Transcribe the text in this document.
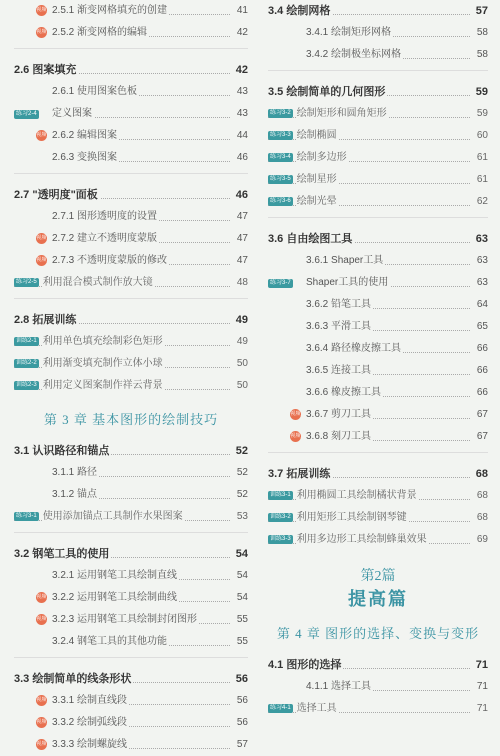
视频 2.5.1 渐变网格填充的创建	41
视频 2.5.2 渐变网格的编辑	42
2.6 图案填充	42
2.6.1 使用图案色板	43
练习2-4 定义图案	43
视频 2.6.2 编辑图案	44
2.6.3 变换图案	46
2.7 "透明度"面板	46
2.7.1 图形透明度的设置	47
视频 2.7.2 建立不透明度蒙版	47
视频 2.7.3 不透明度蒙版的修改	47
练习2-5 利用混合模式制作放大镜	48
2.8 拓展训练	49
训练2-1 利用单色填充绘制彩色矩形	49
训练2-2 利用渐变填充制作立体小球	50
训练2-3 利用定义图案制作祥云背景	50
第 3 章 基本图形的绘制技巧
3.1 认识路径和锚点	52
3.1.1 路径	52
3.1.2 锚点	52
练习3-1 使用添加锚点工具制作水果图案	53
3.2 钢笔工具的使用	54
3.2.1 运用钢笔工具绘制直线	54
视频 3.2.2 运用钢笔工具绘制曲线	54
视频 3.2.3 运用钢笔工具绘制封闭图形	55
3.2.4 钢笔工具的其他功能	55
3.3 绘制简单的线条形状	56
视频 3.3.1 绘制直线段	56
视频 3.3.2 绘制弧线段	56
视频 3.3.3 绘制螺旋线	57
3.4 绘制网格	57
3.4.1 绘制矩形网格	58
3.4.2 绘制极坐标网格	58
3.5 绘制简单的几何图形	59
练习3-2 绘制矩形和圆角矩形	59
练习3-3 绘制椭圆	60
练习3-4 绘制多边形	61
练习3-5 绘制星形	61
练习3-6 绘制光晕	62
3.6 自由绘图工具	63
3.6.1 Shaper工具	63
练习3-7 Shaper工具的使用	63
3.6.2 铅笔工具	64
3.6.3 平滑工具	65
3.6.4 路径橡皮擦工具	66
3.6.5 连接工具	66
3.6.6 橡皮擦工具	66
视频 3.6.7 剪刀工具	67
视频 3.6.8 刻刀工具	67
3.7 拓展训练	68
训练3-1 利用椭圆工具绘制橘状背景	68
训练3-2 利用矩形工具绘制钢琴键	68
训练3-3 利用多边形工具绘制蜂巢效果	69
第2篇
提高篇
第 4 章 图形的选择、变换与变形
4.1 图形的选择	71
4.1.1 选择工具	71
练习4-1 选择工具	71
